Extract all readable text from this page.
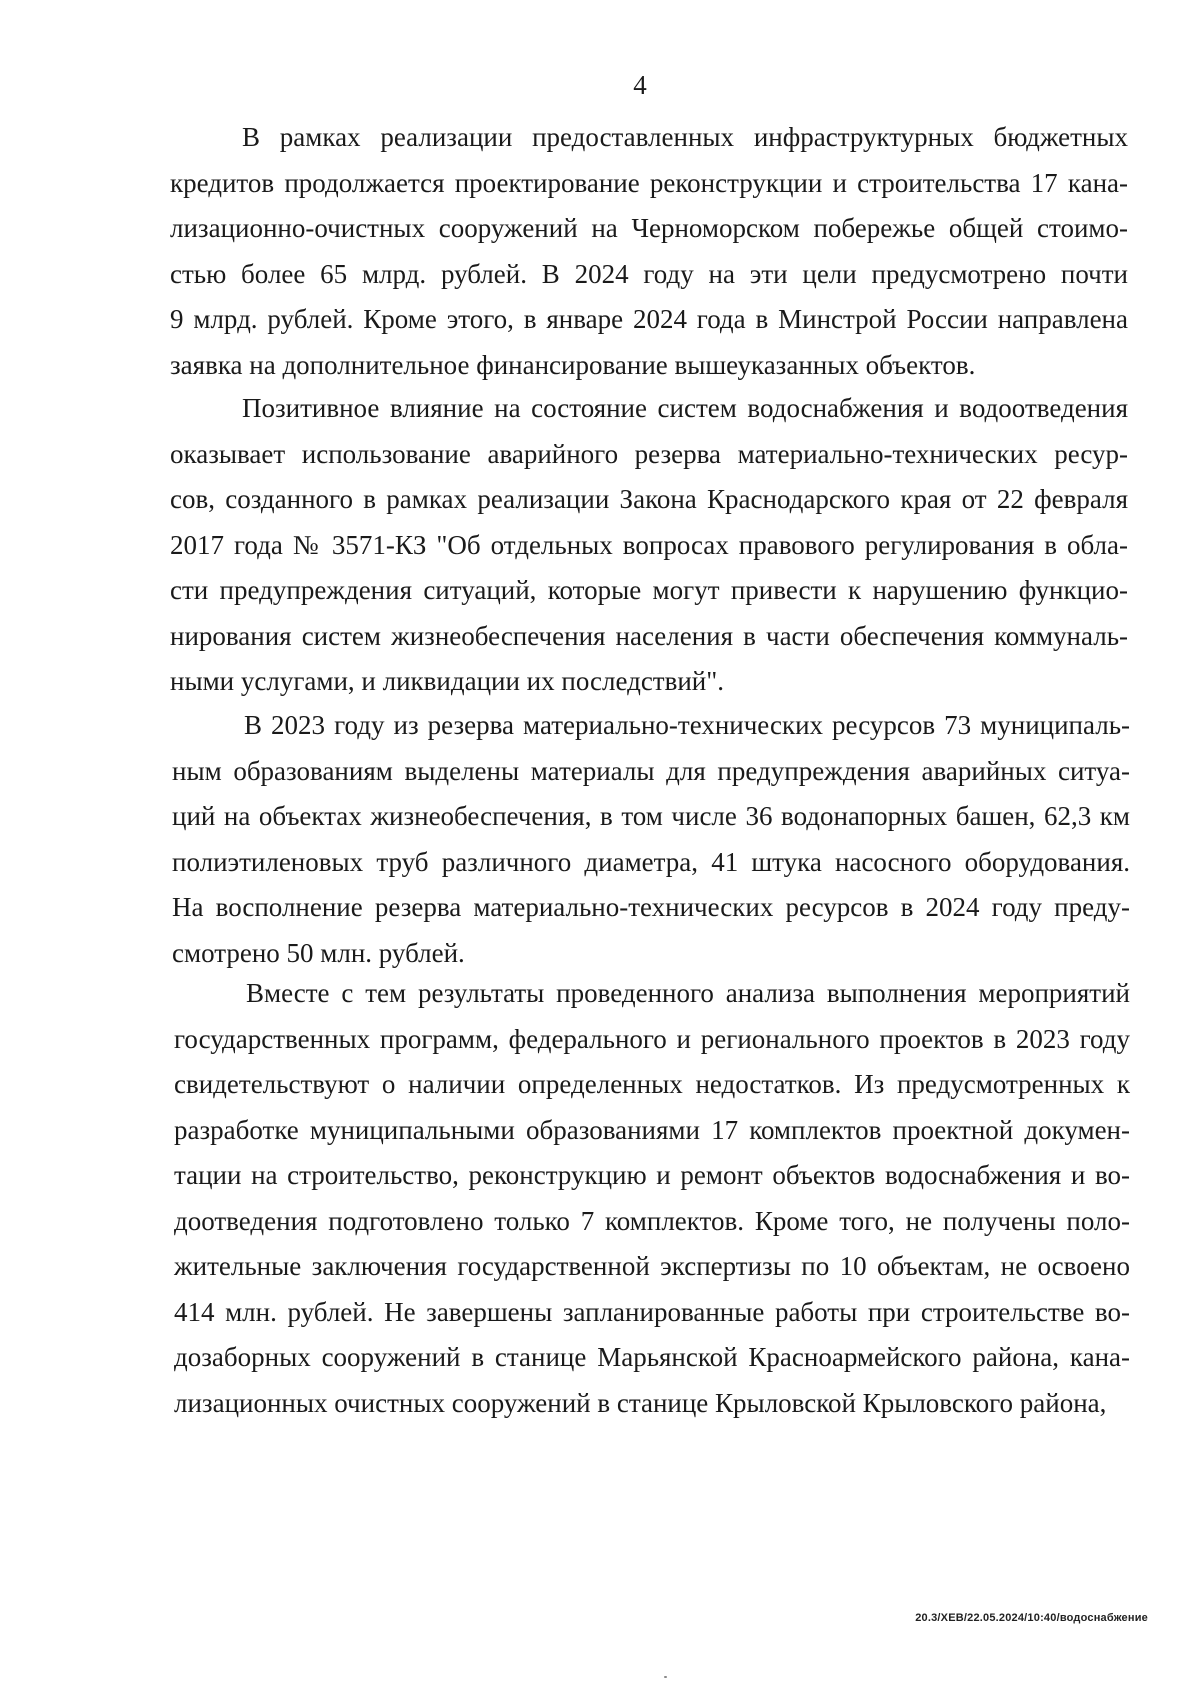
4
В рамках реализации предоставленных инфраструктурных бюджетных
кредитов продолжается проектирование реконструкции и строительства 17 кана-
лизационно-очистных сооружений на Черноморском побережье общей стоимо-
стью более 65 млрд. рублей. В 2024 году на эти цели предусмотрено почти
9 млрд. рублей. Кроме этого, в январе 2024 года в Минстрой России направлена
заявка на дополнительное финансирование вышеуказанных объектов.
Позитивное влияние на состояние систем водоснабжения и водоотведения
оказывает использование аварийного резерва материально-технических ресур-
сов, созданного в рамках реализации Закона Краснодарского края от 22 февраля
2017 года № 3571-КЗ "Об отдельных вопросах правового регулирования в обла-
сти предупреждения ситуаций, которые могут привести к нарушению функцио-
нирования систем жизнеобеспечения населения в части обеспечения коммуналь-
ными услугами, и ликвидации их последствий".
В 2023 году из резерва материально-технических ресурсов 73 муниципаль-
ным образованиям выделены материалы для предупреждения аварийных ситуа-
ций на объектах жизнеобеспечения, в том числе 36 водонапорных башен, 62,3 км
полиэтиленовых труб различного диаметра, 41 штука насосного оборудования.
На восполнение резерва материально-технических ресурсов в 2024 году преду-
смотрено 50 млн. рублей.
Вместе с тем результаты проведенного анализа выполнения мероприятий
государственных программ, федерального и регионального проектов в 2023 году
свидетельствуют о наличии определенных недостатков. Из предусмотренных к
разработке муниципальными образованиями 17 комплектов проектной докумен-
тации на строительство, реконструкцию и ремонт объектов водоснабжения и во-
доотведения подготовлено только 7 комплектов. Кроме того, не получены поло-
жительные заключения государственной экспертизы по 10 объектам, не освоено
414 млн. рублей. Не завершены запланированные работы при строительстве во-
дозаборных сооружений в станице Марьянской Красноармейского района, кана-
лизационных очистных сооружений в станице Крыловской Крыловского района,
20.3/XEB/22.05.2024/10:40/водоснабжение
